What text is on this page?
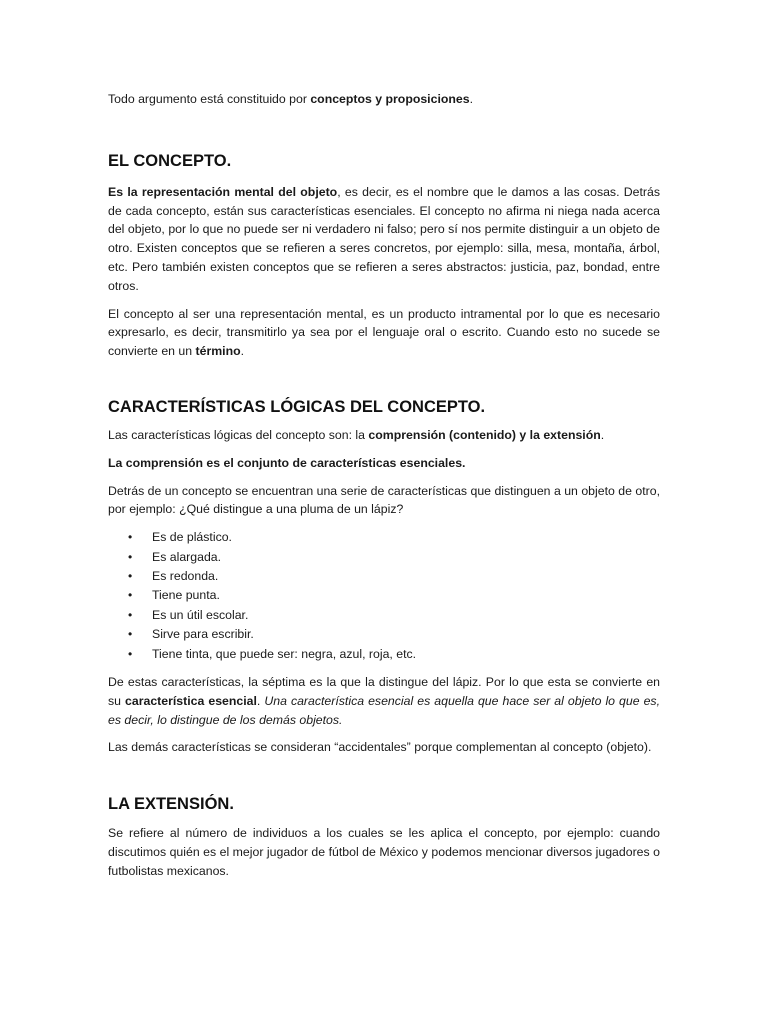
Todo argumento está constituido por conceptos y proposiciones.

EL CONCEPTO.

Es la representación mental del objeto, es decir, es el nombre que le damos a las cosas. Detrás de cada concepto, están sus características esenciales. El concepto no afirma ni niega nada acerca del objeto, por lo que no puede ser ni verdadero ni falso; pero sí nos permite distinguir a un objeto de otro. Existen conceptos que se refieren a seres concretos, por ejemplo: silla, mesa, montaña, árbol, etc. Pero también existen conceptos que se refieren a seres abstractos: justicia, paz, bondad, entre otros.

El concepto al ser una representación mental, es un producto intramental por lo que es necesario expresarlo, es decir, transmitirlo ya sea por el lenguaje oral o escrito. Cuando esto no sucede se convierte en un término.

CARACTERÍSTICAS LÓGICAS DEL CONCEPTO.

Las características lógicas del concepto son: la comprensión (contenido) y la extensión.

La comprensión es el conjunto de características esenciales.

Detrás de un concepto se encuentran una serie de características que distinguen a un objeto de otro, por ejemplo: ¿Qué distingue a una pluma de un lápiz?

• Es de plástico.
• Es alargada.
• Es redonda.
• Tiene punta.
• Es un útil escolar.
• Sirve para escribir.
• Tiene tinta, que puede ser: negra, azul, roja, etc.

De estas características, la séptima es la que la distingue del lápiz. Por lo que esta se convierte en su característica esencial. Una característica esencial es aquella que hace ser al objeto lo que es, es decir, lo distingue de los demás objetos.

Las demás características se consideran “accidentales” porque complementan al concepto (objeto).

LA EXTENSIÓN.

Se refiere al número de individuos a los cuales se les aplica el concepto, por ejemplo: cuando discutimos quién es el mejor jugador de fútbol de México y podemos mencionar diversos jugadores o futbolistas mexicanos.
